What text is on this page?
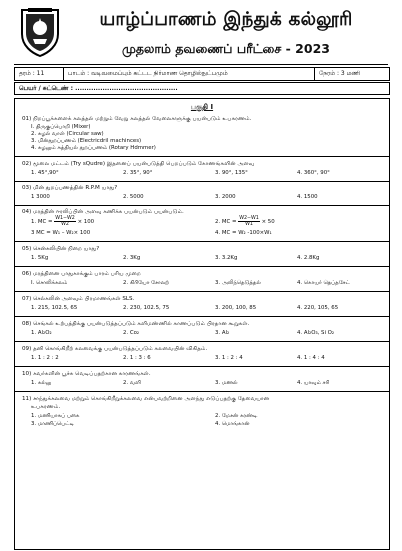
யாழ்ப்பாணம் இந்துக் கல்லூரி
முதலாம் தவணைப் பரீட்சை - 2023
தரம் : 11	பாடம் : வடிவமைப்பும் கட்டட நிர்மாண தொழில்நுட்பமும்	நேரம் : 3 மணி
பெயர் / சுட்டெண் : .............................................
பகுதி I
01) நிறப்பூக்களைக் கலத்தல் மற்றும் வேறு கலத்தல் வேலைகளுக்கு பயன்படும் உபகரணம்.
I. திருகுப்பொறி (Mixer)
2. சுழல் வாள் (Circular saw)
3. மின்துறப்பணம் (Electricdril machinces)
4. சுழலும் சுத்தியல் துறப்பணம் (Rotary Hdmmer)
02) மூலை மட்டம் (Try sQudre) இதனைப் பயன்படுத்தி பெறப்படும் கோணங்களின் அளவு
1. 45°,90°	2. 35°, 90°	3. 90°, 135°	4. 360°, 90°
03) மின் துறப்பணத்தின் R.P.M யாது?
1 3000	2. 5000	3. 2000	4. 1500
04) மரத்தின் ஈரலிப்பின் அளவு கணிக்க பயன்படும் பயன்படும்.
1. MC = $\frac{W1-W2}{W2} \times 100$	2. MC = $\frac{W2-W1}{W1} \times 50$
3 MC = W₁ – W₂× 100	4. MC = W₂ -100×W₁
05) சென்கலியின் நிறை யாது?
1. 5Kg	2. 3Kg	3. 3.2Kg	4. 2.8Kg
06) மரத்தினை பாதுகாக்கும் பாரம் பரிய முறை
I. சொலிக்கலம்	2. கிரியோ சோலற்	3. அலிந்தெடுத்தல்	4. கொயர் தெப்தசேட்
07) செல்கலின் அளவும் பிரமாணங்கள் SLS.
1. 215, 102.5, 65	2. 230, 102.5, 75	3. 200, 100, 85	4. 220, 105, 65
08) செங்கல் உற்பத்திக்கு பயன்படுத்தப்படும் களிமண்ணில் காணப்படும் பிரதான கூறுகள்.
1. Al₂O₂	2. Co₂	3. Al₂	4. Al₂O₃, Si O₂
09) தனி கொங்கிறீற் கலவைக்கு பயன்படுத்தப்படும் கலவையின் விகிதம்.
1. 1 : 2 : 2	2. 1 : 3 : 6	3. 1 : 2 : 4	4. 1 : 4 : 4
10) கவர்களின் பூச்சு வெடிப்பதற்கான காரணங்கள்.
1. கல்லு	2. வளி	3. மணல்	4. யாவும் சரி
11) சாந்துக்கலவை மற்றும் கொங்கிறீறுக்கலவை என்பவற்றினை அளந்து எடுப்பதற்கு தேவையான
உபகரணம்.
1. மணியாகப் பகை	2. மேசன் கரண்டி
3. மாணிப்பெட்டி	4. மொங்கான்
